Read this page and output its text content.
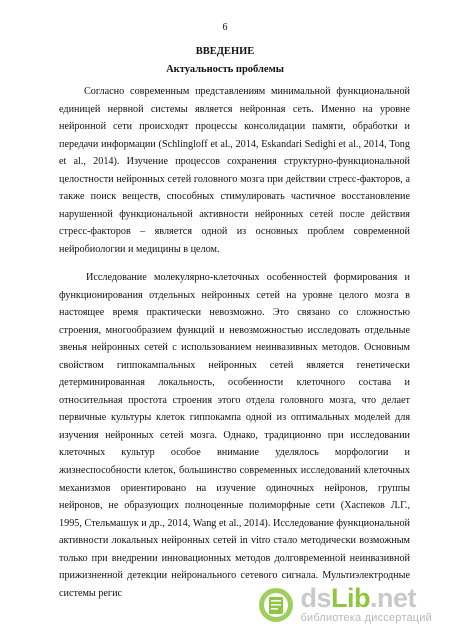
6
ВВЕДЕНИЕ
Актуальность проблемы
Согласно современным представлениям минимальной функциональной единицей нервной системы является нейронная сеть. Именно на уровне нейронной сети происходят процессы консолидации памяти, обработки и передачи информации (Schlingloff et al., 2014, Eskandari Sedighi et al., 2014, Tong et al., 2014). Изучение процессов сохранения структурно-функциональной целостности нейронных сетей головного мозга при действии стресс-факторов, а также поиск веществ, способных стимулировать частичное восстановление нарушенной функциональной активности нейронных сетей после действия стресс-факторов – является одной из основных проблем современной нейробиологии и медицины в целом.
Исследование молекулярно-клеточных особенностей формирования и функционирования отдельных нейронных сетей на уровне целого мозга в настоящее время практически невозможно. Это связано со сложностью строения, многообразием функций и невозможностью исследовать отдельные звенья нейронных сетей с использованием неинвазивных методов. Основным свойством гиппокампальных нейронных сетей является генетически детерминированная локальность, особенности клеточного состава и относительная простота строения этого отдела головного мозга, что делает первичные культуры клеток гиппокампа одной из оптимальных моделей для изучения нейронных сетей мозга. Однако, традиционно при исследовании клеточных культур особое внимание уделялось морфологии и жизнеспособности клеток, большинство современных исследований клеточных механизмов ориентировано на изучение одиночных нейронов, группы нейронов, не образующих полноценные полиморфные сети (Хаспеков Л.Г., 1995, Стельмашук и др., 2014, Wang et al., 2014). Исследование функциональной активности локальных нейронных сетей in vitro стало методически возможным только при внедрении инновационных методов долговременной неинвазивной прижизненной детекции нейронального сетевого сигнала. Мультиэлектродные системы регис	dsLib.net
библиотека диссертаций
